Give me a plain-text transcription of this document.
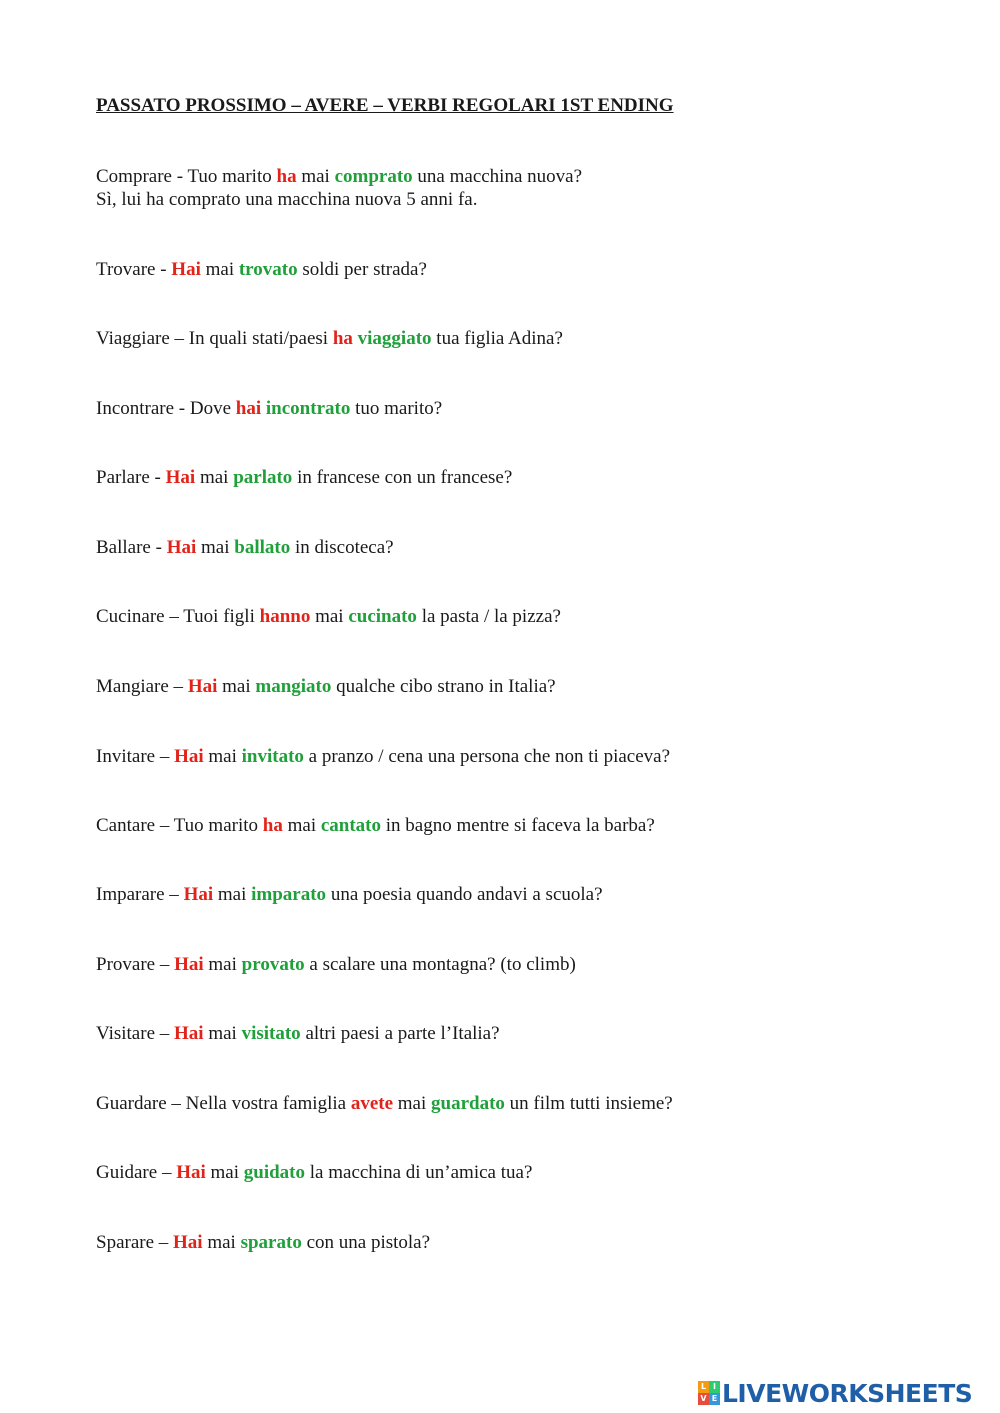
PASSATO PROSSIMO – AVERE – VERBI REGOLARI 1ST ENDING
Comprare - Tuo marito ha mai comprato una macchina nuova?
Trovare - Hai mai trovato soldi per strada?
Viaggiare – In quali stati/paesi ha viaggiato tua figlia Adina?
Incontrare - Dove hai incontrato tuo marito?
Parlare - Hai mai parlato in francese con un francese?
Ballare - Hai mai ballato in discoteca?
Cucinare – Tuoi figli hanno mai cucinato la pasta / la pizza?
Mangiare – Hai mai mangiato qualche cibo strano in Italia?
Invitare – Hai mai invitato a pranzo / cena una persona che non ti piaceva?
Cantare – Tuo marito ha mai cantato in bagno mentre si faceva la barba?
Imparare – Hai mai imparato una poesia quando andavi a scuola?
Provare – Hai mai provato a scalare una montagna? (to climb)
Visitare – Hai mai visitato altri paesi a parte l’Italia?
Guardare – Nella vostra famiglia avete mai guardato un film tutti insieme?
Guidare – Hai mai guidato la macchina di un’amica tua?
Sparare – Hai mai sparato con una pistola?
Sì, lui ha comprato una macchina nuova 5 anni fa.
L I
V E LIVEWORKSHEETS
